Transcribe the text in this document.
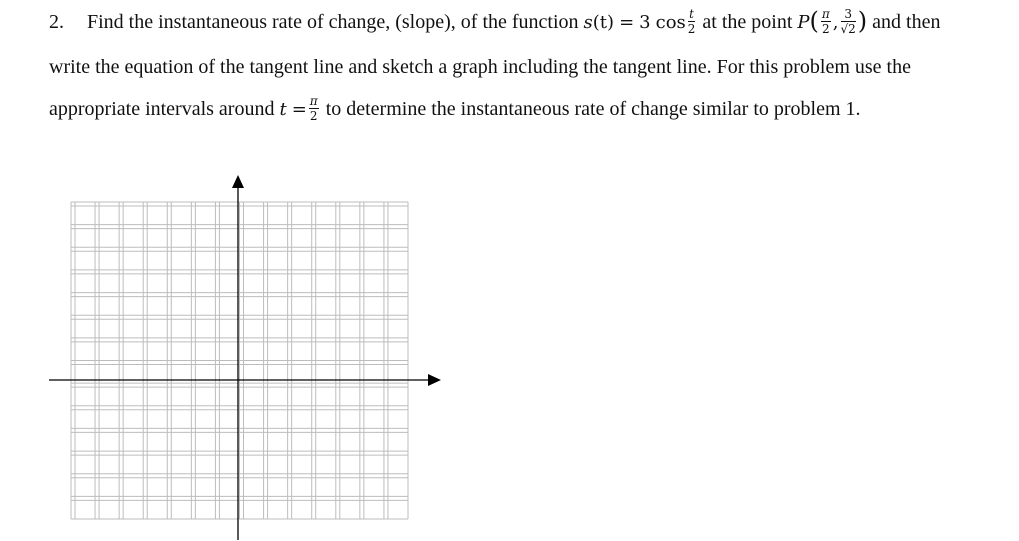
2. Find the instantaneous rate of change, (slope), of the function s(t) = 3 $\cos \frac{t}{2}$ at the point $P( \frac{\pi}{2}$ , $\frac{3}{√2}$ ) and then
write the equation of the tangent line and sketch a graph including the tangent line. For this problem use the
appropriate intervals around $t = \frac{\pi}{2}$ to determine the instantaneous rate of change similar to problem 1.
